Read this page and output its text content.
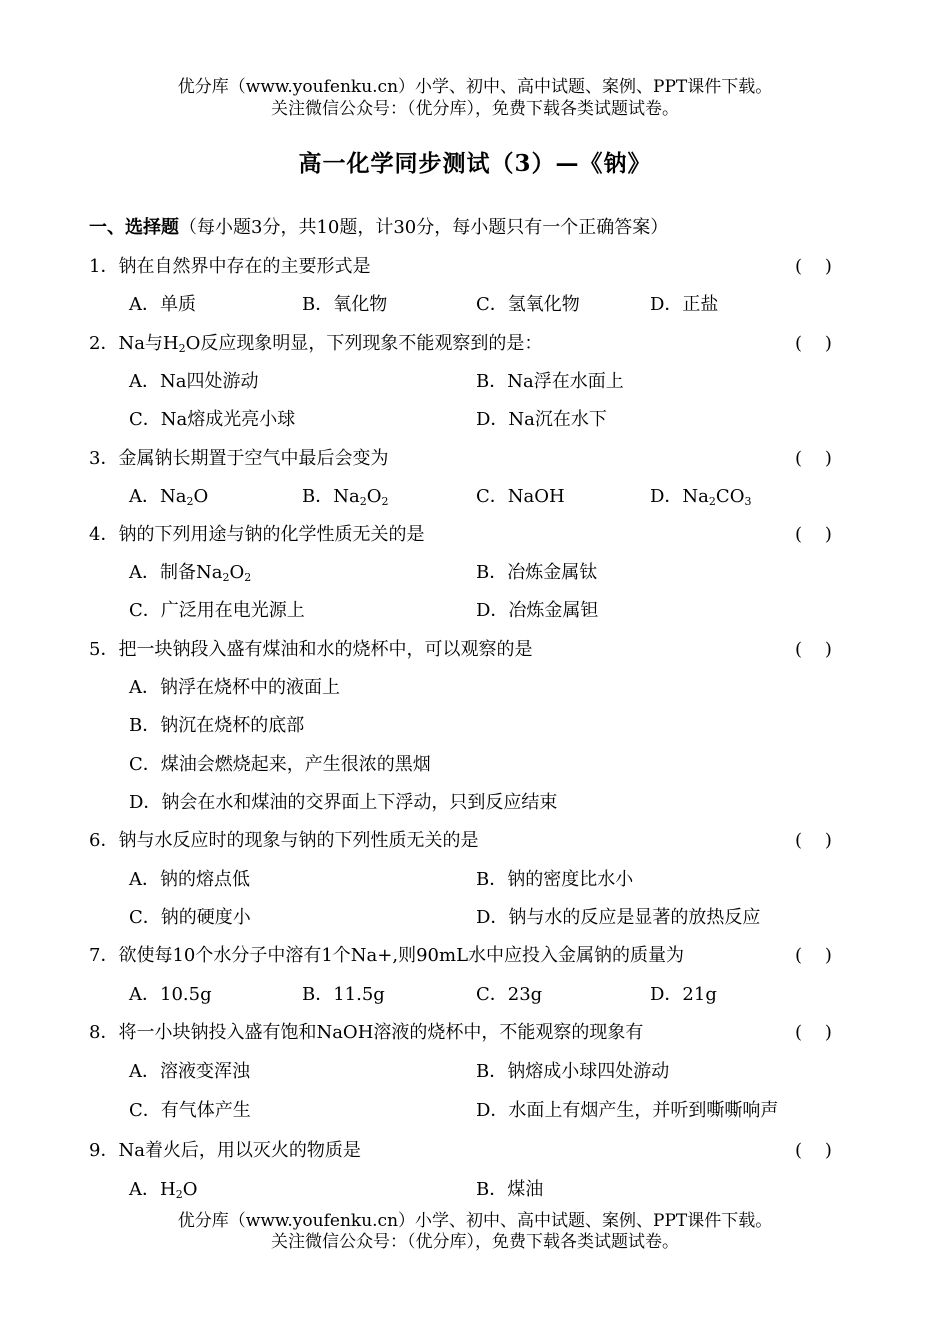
优分库（www.youfenku.cn）小学、初中、高中试题、案例、PPT课件下载。
关注微信公众号：（优分库），免费下载各类试题试卷。
高一化学同步测试（3）—《钠》
一、选择题（每小题3分，共10题，计30分，每小题只有一个正确答案）
1．钠在自然界中存在的主要形式是	(    )
A．单质	B．氧化物	C．氢氧化物	D．正盐
2．Na与$H_2O$反应现象明显，下列现象不能观察到的是：	(    )
A．Na四处游动	B．Na浮在水面上
C．Na熔成光亮小球	D．Na沉在水下
3．金属钠长期置于空气中最后会变为	(    )
A．$Na_2O$	B．$Na_2O_2$	C．NaOH	D．$Na_2CO_3$
4．钠的下列用途与钠的化学性质无关的是	(    )
A．制备$Na_2O_2$	B．冶炼金属钛
C．广泛用在电光源上	D．冶炼金属钽
5．把一块钠段入盛有煤油和水的烧杯中，可以观察的是	(    )
A．钠浮在烧杯中的液面上
B．钠沉在烧杯的底部
C．煤油会燃烧起来，产生很浓的黑烟
D．钠会在水和煤油的交界面上下浮动，只到反应结束
6．钠与水反应时的现象与钠的下列性质无关的是	(    )
A．钠的熔点低	B．钠的密度比水小
C．钠的硬度小	D．钠与水的反应是显著的放热反应
7．欲使每10个水分子中溶有1个Na+,则90mL水中应投入金属钠的质量为	(    )
A．10.5g	B．11.5g	C．23g	D．21g
8．将一小块钠投入盛有饱和NaOH溶液的烧杯中，不能观察的现象有	(    )
A．溶液变浑浊	B．钠熔成小球四处游动
C．有气体产生	D．水面上有烟产生，并听到嘶嘶响声
9．Na着火后，用以灭火的物质是	(    )
A．$H_2O$	B．煤油
优分库（www.youfenku.cn）小学、初中、高中试题、案例、PPT课件下载。
关注微信公众号：（优分库），免费下载各类试题试卷。
